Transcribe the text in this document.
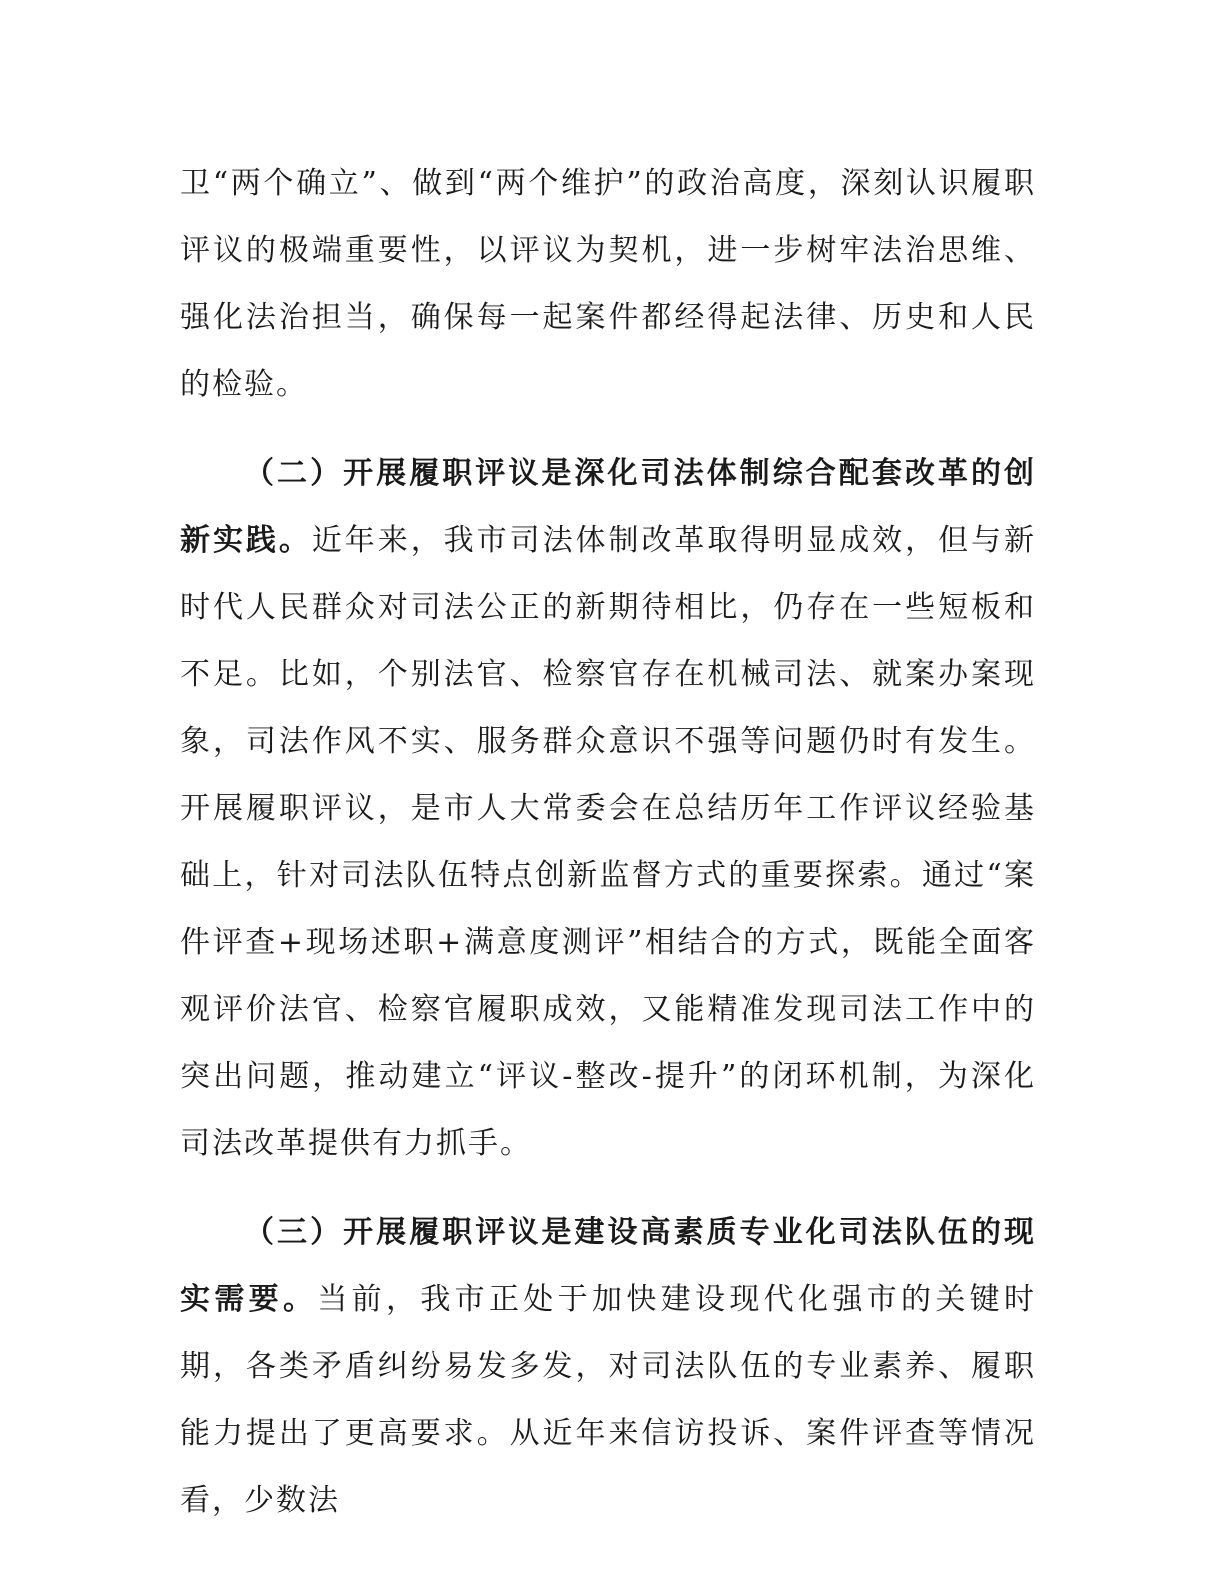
卫“两个确立”、做到“两个维护”的政治高度，深刻认识履职评议的极端重要性，以评议为契机，进一步树牢法治思维、强化法治担当，确保每一起案件都经得起法律、历史和人民的检验。

（二）开展履职评议是深化司法体制综合配套改革的创新实践。近年来，我市司法体制改革取得明显成效，但与新时代人民群众对司法公正的新期待相比，仍存在一些短板和不足。比如，个别法官、检察官存在机械司法、就案办案现象，司法作风不实、服务群众意识不强等问题仍时有发生。开展履职评议，是市人大常委会在总结历年工作评议经验基础上，针对司法队伍特点创新监督方式的重要探索。通过“案件评查+现场述职+满意度测评”相结合的方式，既能全面客观评价法官、检察官履职成效，又能精准发现司法工作中的突出问题，推动建立“评议-整改-提升”的闭环机制，为深化司法改革提供有力抓手。

（三）开展履职评议是建设高素质专业化司法队伍的现实需要。当前，我市正处于加快建设现代化强市的关键时期，各类矛盾纠纷易发多发，对司法队伍的专业素养、履职能力提出了更高要求。从近年来信访投诉、案件评查等情况看，少数法
